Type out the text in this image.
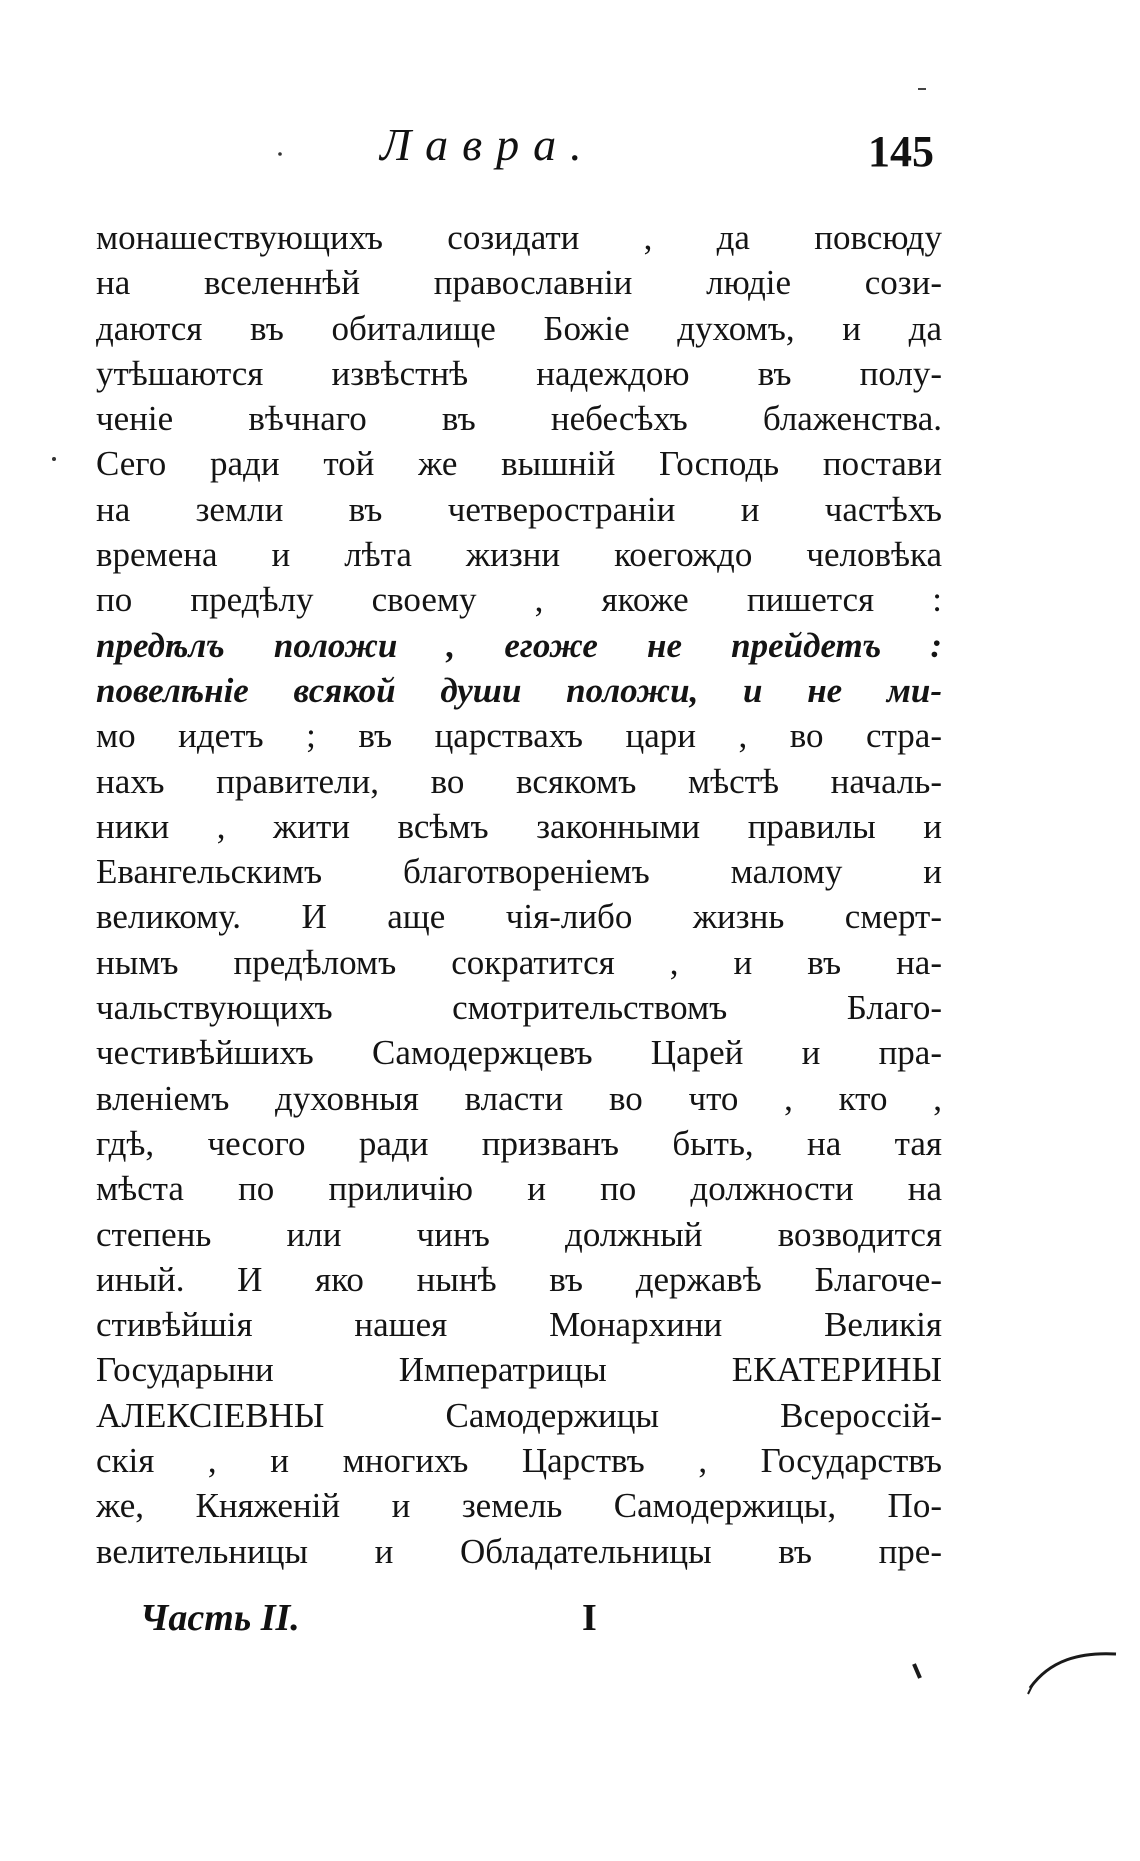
Лавра.	145
монашествующихъ созидати , да повсюду
на вселеннѣй православніи людіе сози-
даются въ обиталище Божіе духомъ, и да
утѣшаются извѣстнѣ надеждою въ полу-
ченіе вѣчнаго въ небесѣхъ блаженства.
Сего ради той же вышній Господь постави
на земли въ четвеространіи и частѣхъ
времена и лѣта жизни коегождо человѣка
по предѣлу своему , якоже пишется :
предѣлъ положи , егоже не прейдетъ :
повелѣніе всякой души положи, и не ми-
мо идетъ ; въ царствахъ цари , во стра-
нахъ правители, во всякомъ мѣстѣ началь-
ники , жити всѣмъ законными правилы и
Евангельскимъ благотвореніемъ малому и
великому. И аще чія-либо жизнь смерт-
нымъ предѣломъ сократится , и въ на-
чальствующихъ смотрительствомъ Благо-
честивѣйшихъ Самодержцевъ Царей и пра-
вленіемъ духовныя власти во что , кто ,
гдѣ, чесого ради призванъ быть, на тая
мѣста по приличію и по должности на
степень или чинъ должный возводится
иный. И яко нынѣ въ державѣ Благоче-
стивѣйшія нашея Монархини Великія
Государыни Императрицы ЕКАТЕРИНЫ
АЛЕКСІЕВНЫ Самодержицы Всероссій-
скія , и многихъ Царствъ , Государствъ
же, Княженій и земель Самодержицы, По-
велительницы и Обладательницы въ пре-
Часть II.	I
